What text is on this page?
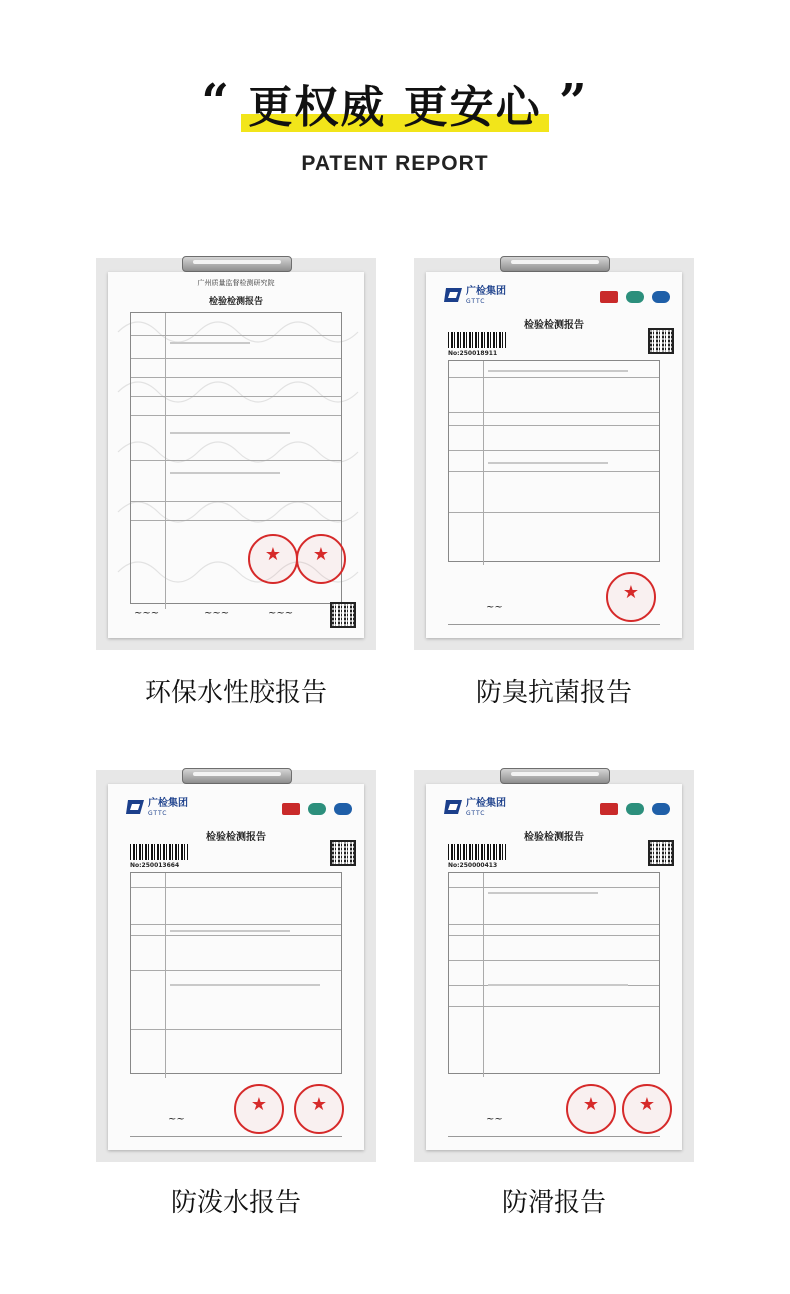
“ 更权威 更安心 ”
PATENT REPORT
广州质量监督检测研究院
检验检测报告
★
★
~~~	~~~	~~~
广检集团
GTTC

检验检测报告
No:250018911
~~
★
广检集团
GTTC

检验检测报告
No:250013664
★
★
~~
广检集团
GTTC

检验检测报告
No:250000413
★
★
~~
环保水性胶报告	防臭抗菌报告
防泼水报告	防滑报告
